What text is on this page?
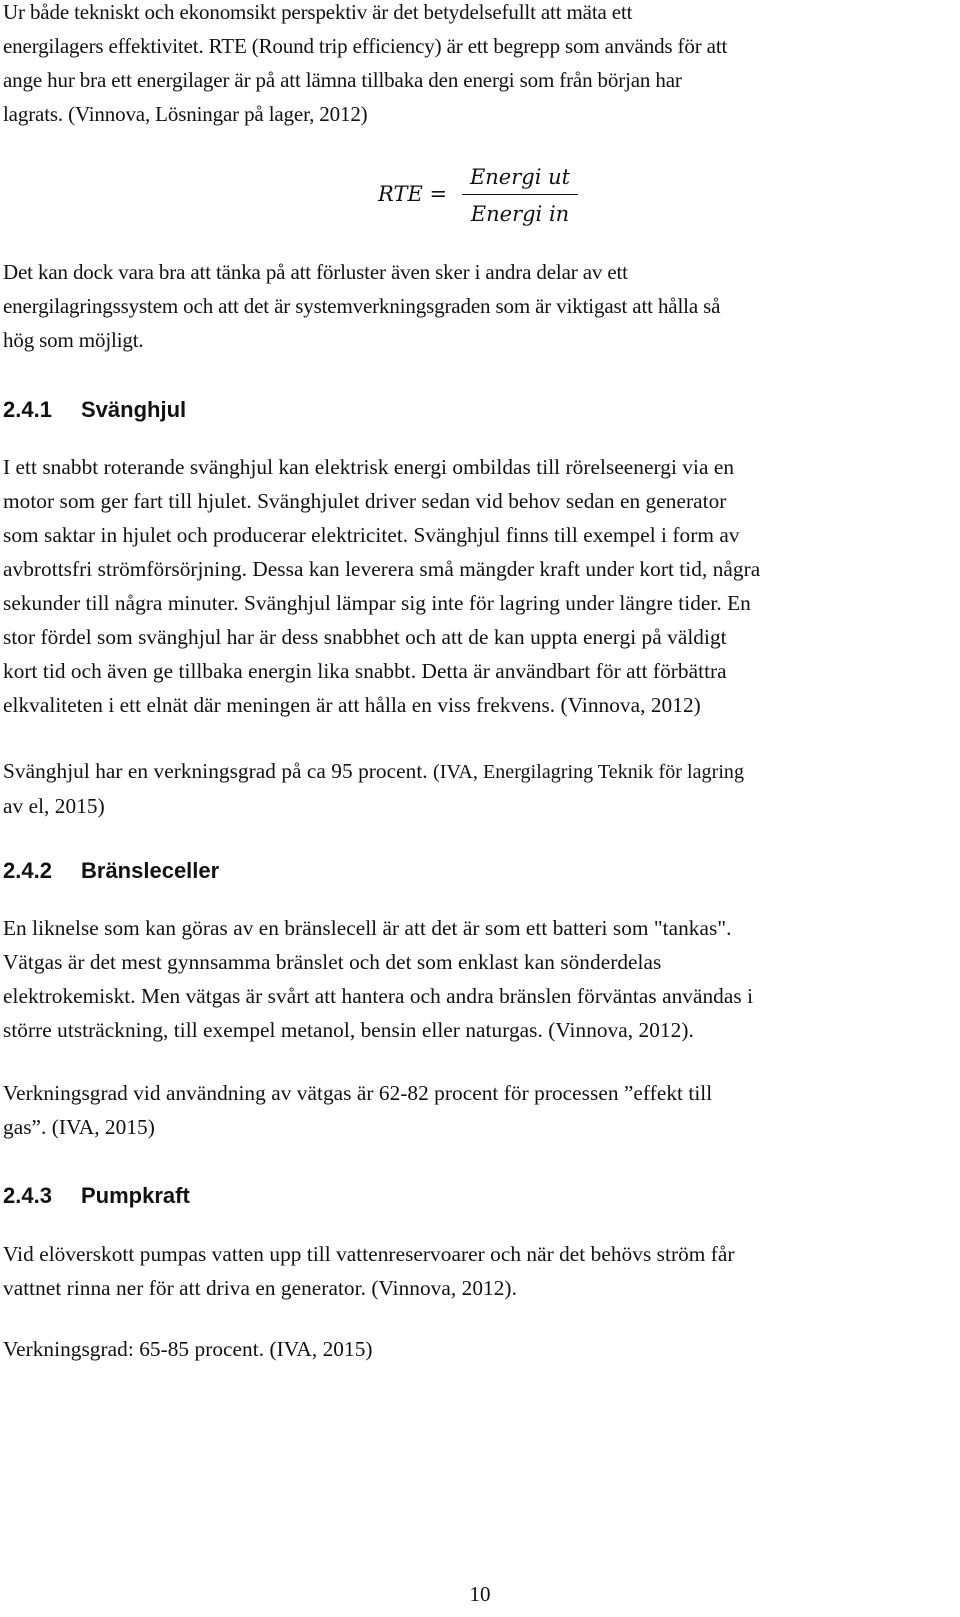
Ur både tekniskt och ekonomsikt perspektiv är det betydelsefullt att mäta ett
energilagers effektivitet. RTE (Round trip efficiency) är ett begrepp som används för att
ange hur bra ett energilager är på att lämna tillbaka den energi som från början har
lagrats. (Vinnova, Lösningar på lager, 2012)
RTE =
Energi ut
Energi in
Det kan dock vara bra att tänka på att förluster även sker i andra delar av ett
energilagringssystem och att det är systemverkningsgraden som är viktigast att hålla så
hög som möjligt.
2.4.1 Svänghjul
I ett snabbt roterande svänghjul kan elektrisk energi ombildas till rörelseenergi via en
motor som ger fart till hjulet. Svänghjulet driver sedan vid behov sedan en generator
som saktar in hjulet och producerar elektricitet. Svänghjul finns till exempel i form av
avbrottsfri strömförsörjning. Dessa kan leverera små mängder kraft under kort tid, några
sekunder till några minuter. Svänghjul lämpar sig inte för lagring under längre tider. En
stor fördel som svänghjul har är dess snabbhet och att de kan uppta energi på väldigt
kort tid och även ge tillbaka energin lika snabbt. Detta är användbart för att förbättra
elkvaliteten i ett elnät där meningen är att hålla en viss frekvens. (Vinnova, 2012)
Svänghjul har en verkningsgrad på ca 95 procent. (IVA, Energilagring Teknik för lagring
av el, 2015)
2.4.2 Bränsleceller
En liknelse som kan göras av en bränslecell är att det är som ett batteri som "tankas".
Vätgas är det mest gynnsamma bränslet och det som enklast kan sönderdelas
elektrokemiskt. Men vätgas är svårt att hantera och andra bränslen förväntas användas i
större utsträckning, till exempel metanol, bensin eller naturgas. (Vinnova, 2012).
Verkningsgrad vid användning av vätgas är 62-82 procent för processen ”effekt till
gas”. (IVA, 2015)
2.4.3 Pumpkraft
Vid elöverskott pumpas vatten upp till vattenreservoarer och när det behövs ström får
vattnet rinna ner för att driva en generator. (Vinnova, 2012).
Verkningsgrad: 65-85 procent. (IVA, 2015)
10
